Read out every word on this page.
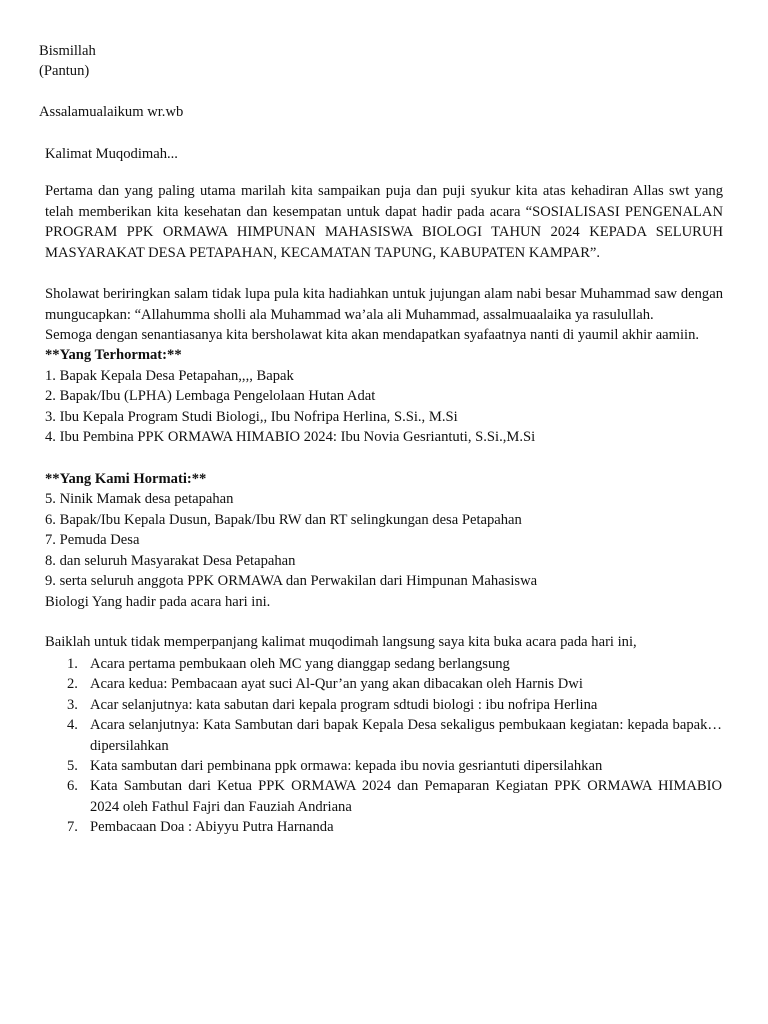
Bismillah
(Pantun)
Assalamualaikum wr.wb
Kalimat Muqodimah...
Pertama dan yang paling utama marilah kita sampaikan puja dan puji syukur kita atas kehadiran Allas swt yang telah memberikan kita kesehatan dan kesempatan untuk dapat hadir pada acara “SOSIALISASI PENGENALAN PROGRAM PPK ORMAWA HIMPUNAN MAHASISWA BIOLOGI TAHUN 2024 KEPADA SELURUH MASYARAKAT DESA PETAPAHAN, KECAMATAN TAPUNG, KABUPATEN KAMPAR”.
Sholawat beriringkan salam tidak lupa pula kita hadiahkan untuk jujungan alam nabi besar Muhammad saw dengan mungucapkan: “Allahumma sholli ala Muhammad wa’ala ali Muhammad, assalmuaalaika ya rasulullah.
Semoga dengan senantiasanya kita bersholawat kita akan mendapatkan syafaatnya nanti di yaumil akhir aamiin.
**Yang Terhormat:**
1. Bapak Kepala Desa Petapahan,,,, Bapak
2. Bapak/Ibu (LPHA) Lembaga Pengelolaan Hutan Adat
3. Ibu Kepala Program Studi Biologi,, Ibu Nofripa Herlina, S.Si., M.Si
4. Ibu Pembina PPK ORMAWA HIMABIO 2024: Ibu Novia Gesriantuti, S.Si.,M.Si
**Yang Kami Hormati:**
5. Ninik Mamak desa petapahan
6. Bapak/Ibu Kepala Dusun, Bapak/Ibu RW dan RT selingkungan desa Petapahan
7. Pemuda Desa
8. dan seluruh Masyarakat Desa Petapahan
9. serta seluruh anggota PPK ORMAWA dan Perwakilan dari Himpunan Mahasiswa
Biologi Yang hadir pada acara hari ini.
Baiklah untuk tidak memperpanjang kalimat muqodimah langsung saya kita buka acara pada hari ini,
1. Acara pertama pembukaan oleh MC yang dianggap sedang berlangsung
2. Acara kedua: Pembacaan ayat suci Al-Qur’an yang akan dibacakan oleh Harnis Dwi
3. Acar selanjutnya: kata sabutan dari kepala program sdtudi biologi : ibu nofripa Herlina
4. Acara selanjutnya: Kata Sambutan dari bapak Kepala Desa sekaligus pembukaan kegiatan: kepada bapak… dipersilahkan
5. Kata sambutan dari pembinana ppk ormawa: kepada ibu novia gesriantuti dipersilahkan
6. Kata Sambutan dari Ketua PPK ORMAWA 2024 dan Pemaparan Kegiatan PPK ORMAWA HIMABIO 2024 oleh Fathul Fajri dan Fauziah Andriana
7. Pembacaan Doa : Abiyyu Putra Harnanda
